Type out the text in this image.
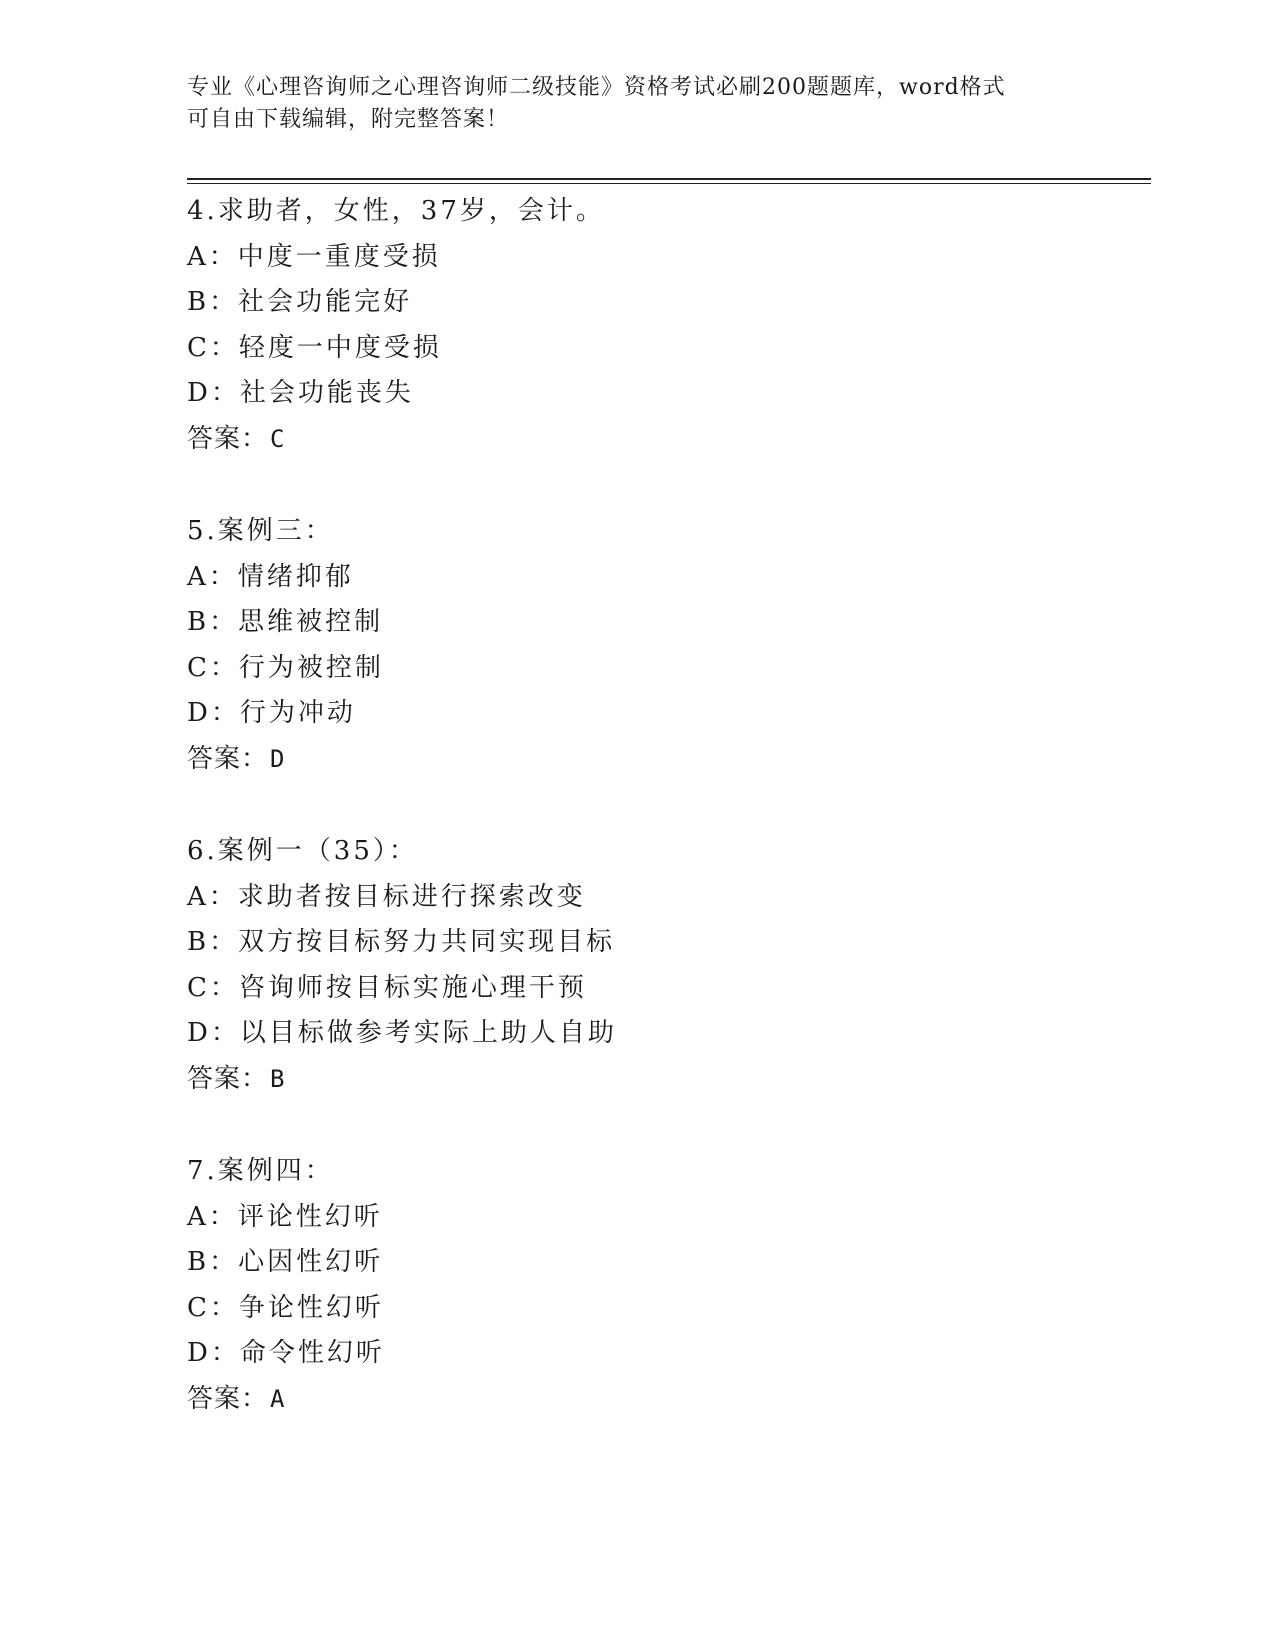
专业《心理咨询师之心理咨询师二级技能》资格考试必刷200题题库，word格式
可自由下载编辑，附完整答案！
4.求助者，女性，37岁，会计。
A：中度一重度受损
B：社会功能完好
C：轻度一中度受损
D：社会功能丧失
答案：C
5.案例三：
A：情绪抑郁
B：思维被控制
C：行为被控制
D：行为冲动
答案：D
6.案例一（35）：
A：求助者按目标进行探索改变
B：双方按目标努力共同实现目标
C：咨询师按目标实施心理干预
D：以目标做参考实际上助人自助
答案：B
7.案例四：
A：评论性幻听
B：心因性幻听
C：争论性幻听
D：命令性幻听
答案：A
